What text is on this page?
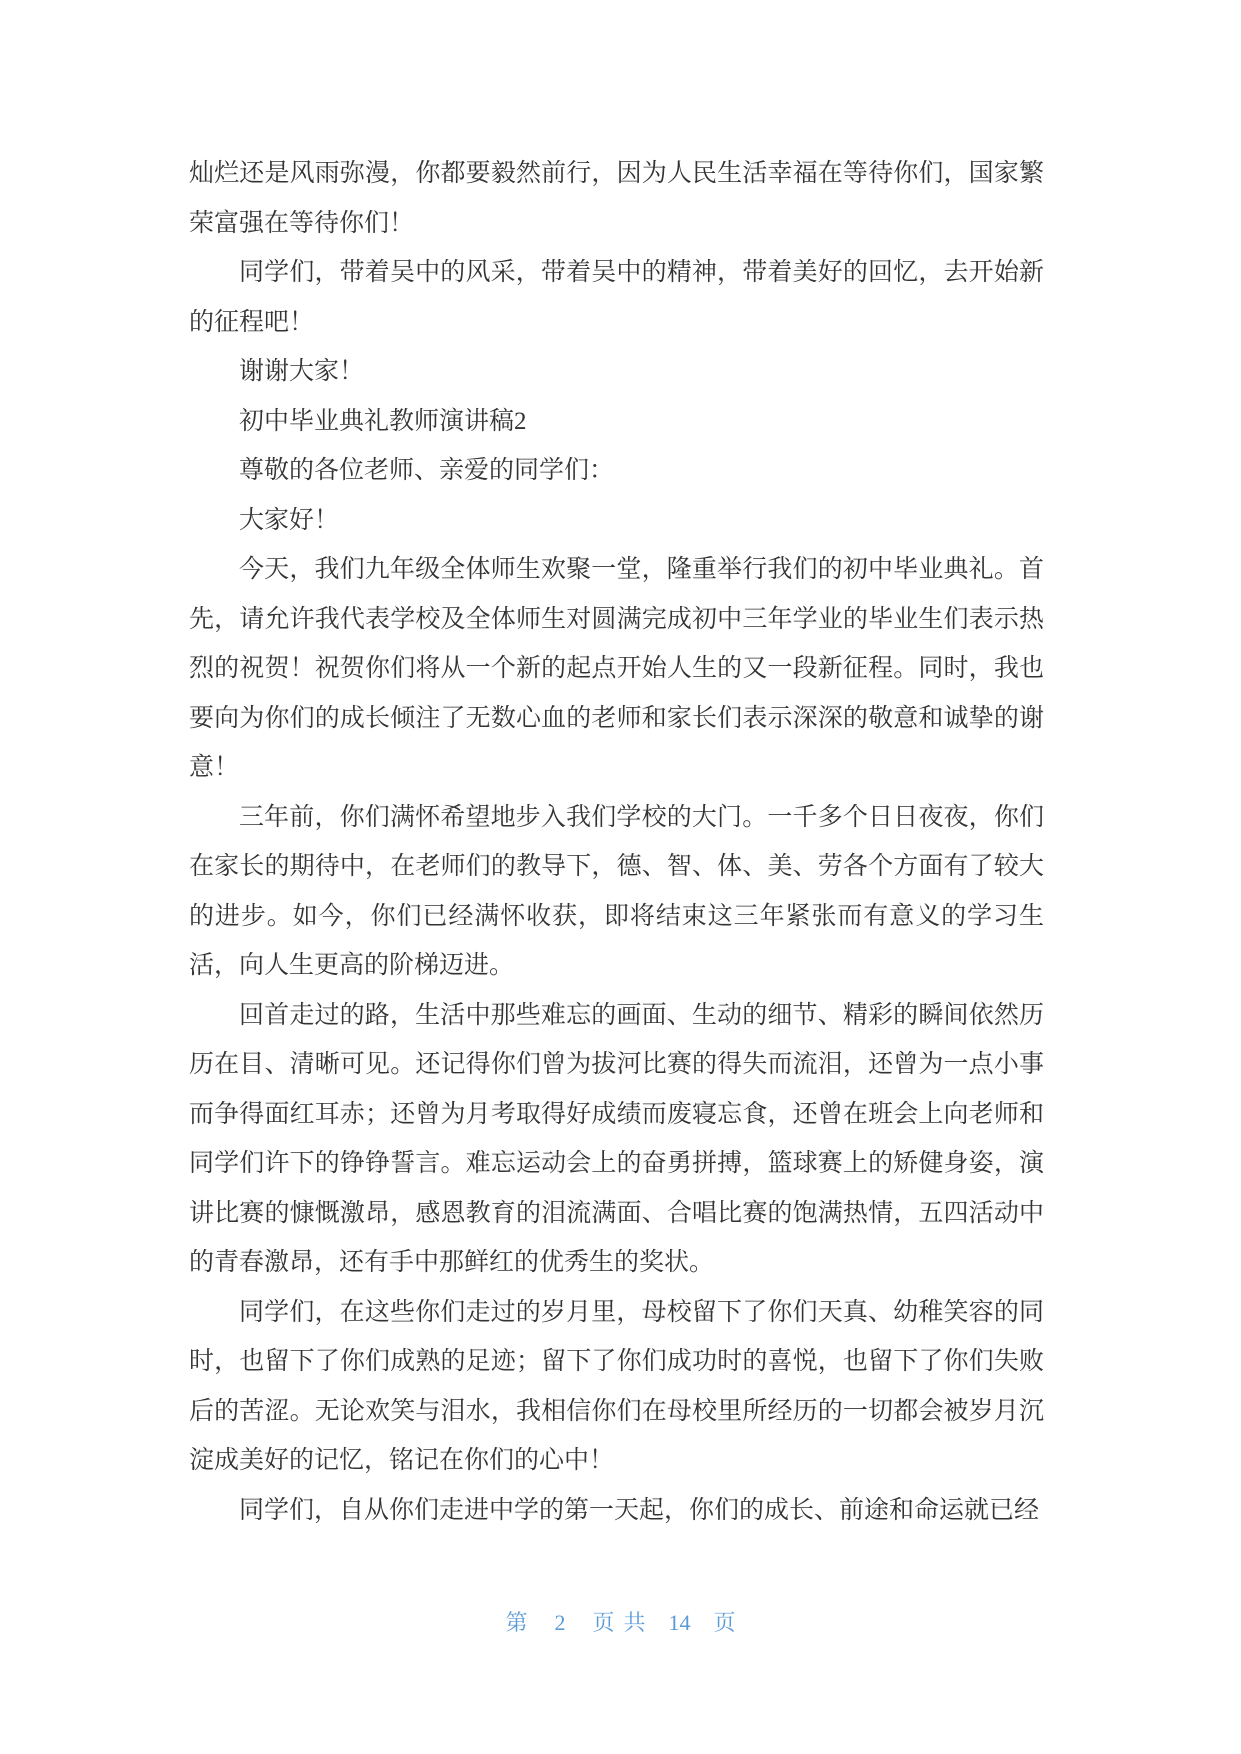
灿烂还是风雨弥漫，你都要毅然前行，因为人民生活幸福在等待你们，国家繁
荣富强在等待你们！
同学们，带着吴中的风采，带着吴中的精神，带着美好的回忆，去开始新
的征程吧！
谢谢大家！
初中毕业典礼教师演讲稿2
尊敬的各位老师、亲爱的同学们：
大家好！
今天，我们九年级全体师生欢聚一堂，隆重举行我们的初中毕业典礼。首
先，请允许我代表学校及全体师生对圆满完成初中三年学业的毕业生们表示热
烈的祝贺！祝贺你们将从一个新的起点开始人生的又一段新征程。同时，我也
要向为你们的成长倾注了无数心血的老师和家长们表示深深的敬意和诚挚的谢
意！
三年前，你们满怀希望地步入我们学校的大门。一千多个日日夜夜，你们
在家长的期待中，在老师们的教导下，德、智、体、美、劳各个方面有了较大
的进步。如今，你们已经满怀收获，即将结束这三年紧张而有意义的学习生
活，向人生更高的阶梯迈进。
回首走过的路，生活中那些难忘的画面、生动的细节、精彩的瞬间依然历
历在目、清晰可见。还记得你们曾为拔河比赛的得失而流泪，还曾为一点小事
而争得面红耳赤；还曾为月考取得好成绩而废寝忘食，还曾在班会上向老师和
同学们许下的铮铮誓言。难忘运动会上的奋勇拼搏，篮球赛上的矫健身姿，演
讲比赛的慷慨激昂，感恩教育的泪流满面、合唱比赛的饱满热情，五四活动中
的青春激昂，还有手中那鲜红的优秀生的奖状。
同学们，在这些你们走过的岁月里，母校留下了你们天真、幼稚笑容的同
时，也留下了你们成熟的足迹；留下了你们成功时的喜悦，也留下了你们失败
后的苦涩。无论欢笑与泪水，我相信你们在母校里所经历的一切都会被岁月沉
淀成美好的记忆，铭记在你们的心中！
同学们，自从你们走进中学的第一天起，你们的成长、前途和命运就已经
第 2 页 共 14 页
